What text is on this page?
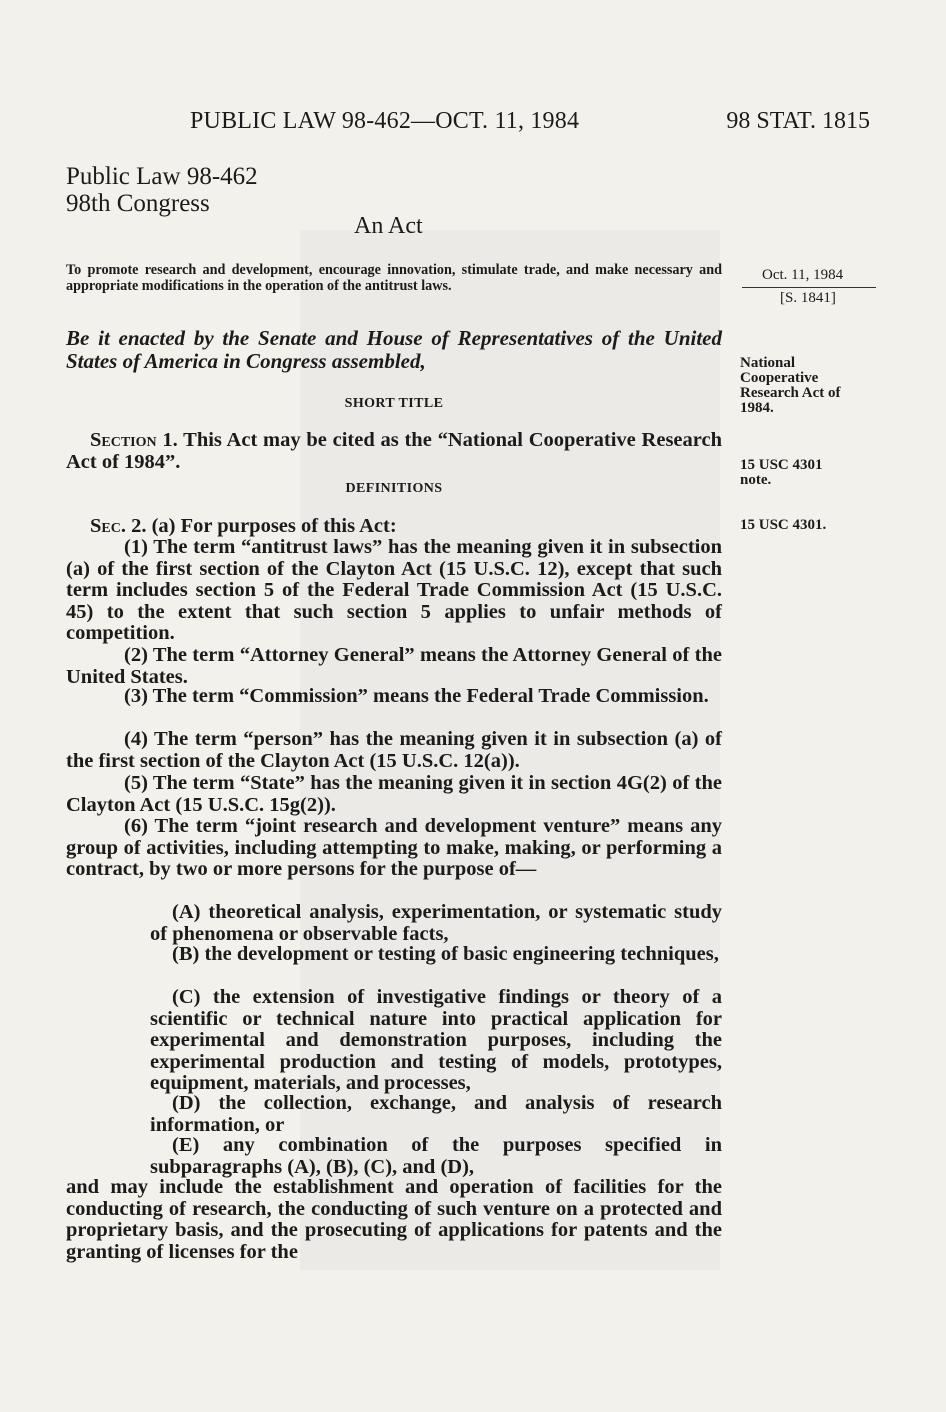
PUBLIC LAW 98-462—OCT. 11, 1984	98 STAT. 1815
Public Law 98-462
98th Congress
An Act
To promote research and development, encourage innovation, stimulate trade, and make necessary and appropriate modifications in the operation of the antitrust laws.
Oct. 11, 1984
[S. 1841]
Be it enacted by the Senate and House of Representatives of the United States of America in Congress assembled,	National
Cooperative
Research Act of
1984.
SHORT TITLE
Section 1. This Act may be cited as the “National Cooperative Research Act of 1984”.	15 USC 4301
note.
DEFINITIONS
Sec. 2. (a) For purposes of this Act:	15 USC 4301.
(1) The term “antitrust laws” has the meaning given it in subsection (a) of the first section of the Clayton Act (15 U.S.C. 12), except that such term includes section 5 of the Federal Trade Commission Act (15 U.S.C. 45) to the extent that such section 5 applies to unfair methods of competition.
(2) The term “Attorney General” means the Attorney General of the United States.
(3) The term “Commission” means the Federal Trade Commission.
(4) The term “person” has the meaning given it in subsection (a) of the first section of the Clayton Act (15 U.S.C. 12(a)).
(5) The term “State” has the meaning given it in section 4G(2) of the Clayton Act (15 U.S.C. 15g(2)).
(6) The term “joint research and development venture” means any group of activities, including attempting to make, making, or performing a contract, by two or more persons for the purpose of—
(A) theoretical analysis, experimentation, or systematic study of phenomena or observable facts,
(B) the development or testing of basic engineering techniques,
(C) the extension of investigative findings or theory of a scientific or technical nature into practical application for experimental and demonstration purposes, including the experimental production and testing of models, prototypes, equipment, materials, and processes,
(D) the collection, exchange, and analysis of research information, or
(E) any combination of the purposes specified in subparagraphs (A), (B), (C), and (D),
and may include the establishment and operation of facilities for the conducting of research, the conducting of such venture on a protected and proprietary basis, and the prosecuting of applications for patents and the granting of licenses for the
